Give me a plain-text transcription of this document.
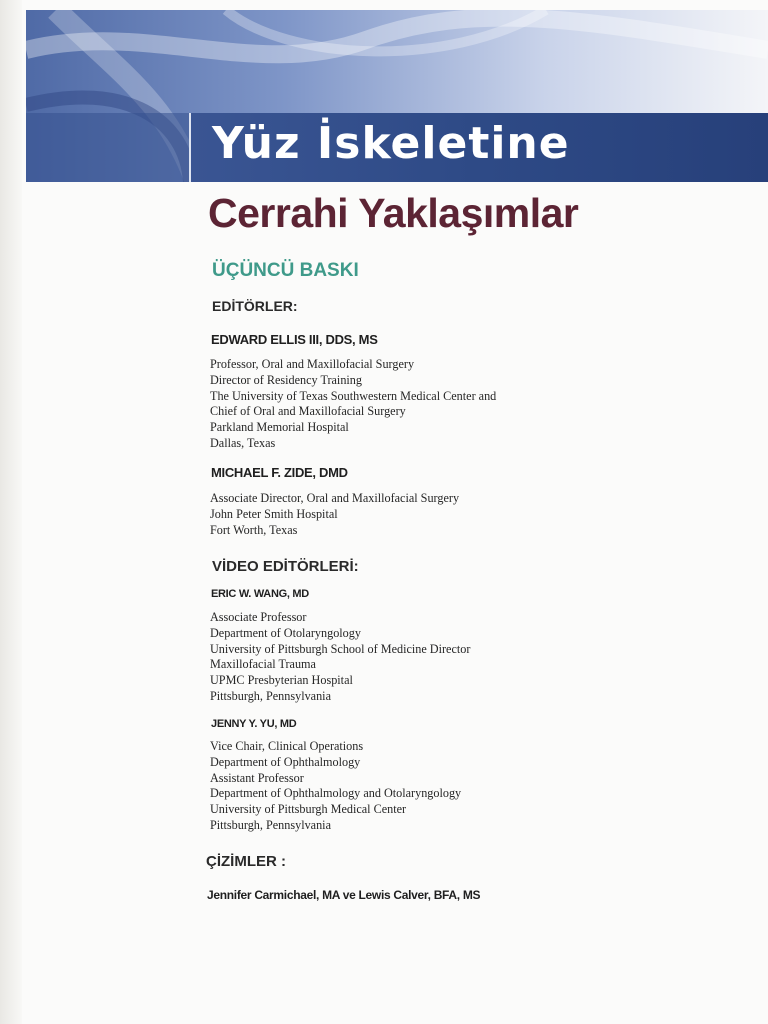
Yüz İskeletine
Cerrahi Yaklaşımlar
ÜÇÜNCÜ BASKI
EDİTÖRLER:
EDWARD ELLIS III, DDS, MS
Professor, Oral and Maxillofacial Surgery
Director of Residency Training
The University of Texas Southwestern Medical Center and
Chief of Oral and Maxillofacial Surgery
Parkland Memorial Hospital
Dallas, Texas
MICHAEL F. ZIDE, DMD
Associate Director, Oral and Maxillofacial Surgery
John Peter Smith Hospital
Fort Worth, Texas
VİDEO EDİTÖRLERİ:
ERIC W. WANG, MD
Associate Professor
Department of Otolaryngology
University of Pittsburgh School of Medicine Director
Maxillofacial Trauma
UPMC Presbyterian Hospital
Pittsburgh, Pennsylvania
JENNY Y. YU, MD
Vice Chair, Clinical Operations
Department of Ophthalmology
Assistant Professor
Department of Ophthalmology and Otolaryngology
University of Pittsburgh Medical Center
Pittsburgh, Pennsylvania
ÇİZİMLER :
Jennifer Carmichael, MA ve Lewis Calver, BFA, MS
